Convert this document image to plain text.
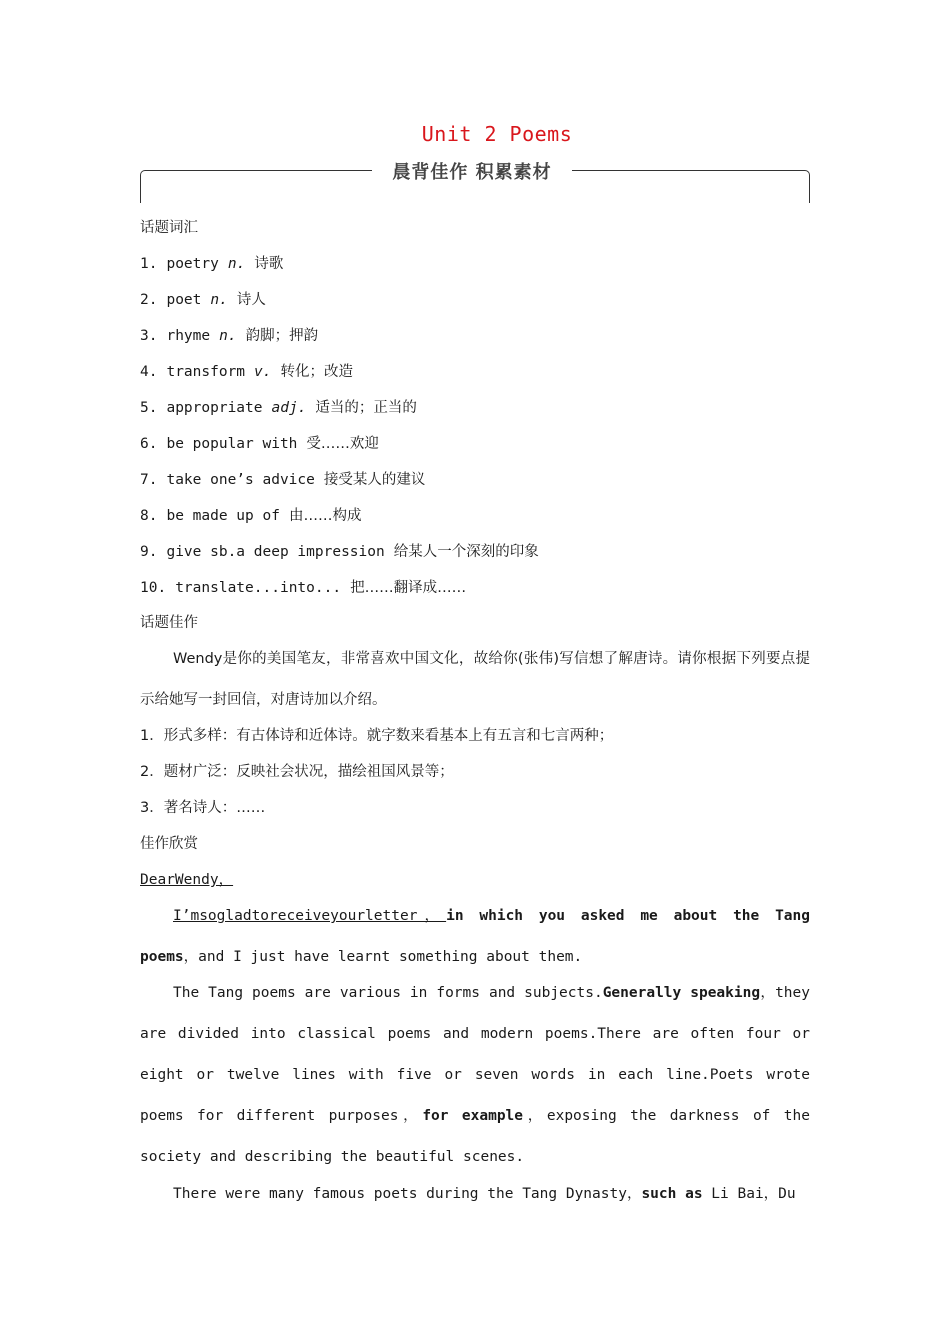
Unit 2 Poems
晨背佳作 积累素材
话题词汇
1. poetry n. 诗歌
2. poet n. 诗人
3. rhyme n. 韵脚；押韵
4. transform v. 转化；改造
5. appropriate adj. 适当的；正当的
6. be popular with 受……欢迎
7. take one’s advice 接受某人的建议
8. be made up of 由……构成
9. give sb.a deep impression 给某人一个深刻的印象
10. translate...into... 把……翻译成……
话题佳作
Wendy是你的美国笔友，非常喜欢中国文化，故给你(张伟)写信想了解唐诗。请你根据下列要点提示给她写一封回信，对唐诗加以介绍。
1．形式多样：有古体诗和近体诗。就字数来看基本上有五言和七言两种；
2．题材广泛：反映社会状况，描绘祖国风景等；
3．著名诗人：……
佳作欣赏
DearWendy，
I’msogladtoreceiveyourletter，in which you asked me about the Tang poems，and I just have learnt something about them.
The Tang poems are various in forms and subjects.Generally speaking，they are divided into classical poems and modern poems.There are often four or eight or twelve lines with five or seven words in each line.Poets wrote poems for different purposes，for example，exposing the darkness of the society and describing the beautiful scenes.
There were many famous poets during the Tang Dynasty，such as Li Bai，Du
